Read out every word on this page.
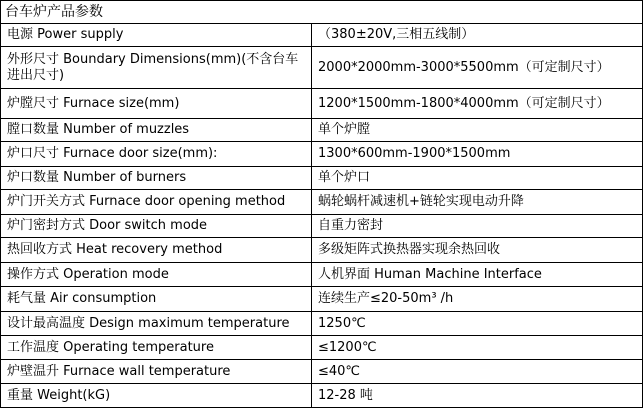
台车炉产品参数	
电源 Power supply	（380±20V,三相五线制）
外形尺寸 Boundary Dimensions(mm)(不含台车进出尺寸)	2000*2000mm-3000*5500mm（可定制尺寸）
炉膛尺寸 Furnace size(mm)	1200*1500mm-1800*4000mm（可定制尺寸）
膛口数量 Number of muzzles	单个炉膛
炉口尺寸 Furnace door size(mm):	1300*600mm-1900*1500mm
炉口数量 Number of burners	单个炉口
炉门开关方式 Furnace door opening method	蜗轮蜗杆减速机+链轮实现电动升降
炉门密封方式 Door switch mode	自重力密封
热回收方式 Heat recovery method	多级矩阵式换热器实现余热回收
操作方式 Operation mode	人机界面 Human Machine Interface
耗气量 Air consumption	连续生产≤20-50m³ /h
设计最高温度 Design maximum temperature	1250℃
工作温度 Operating temperature	≤1200℃
炉壁温升 Furnace wall temperature	≤40℃
重量 Weight(kG)	12-28 吨
